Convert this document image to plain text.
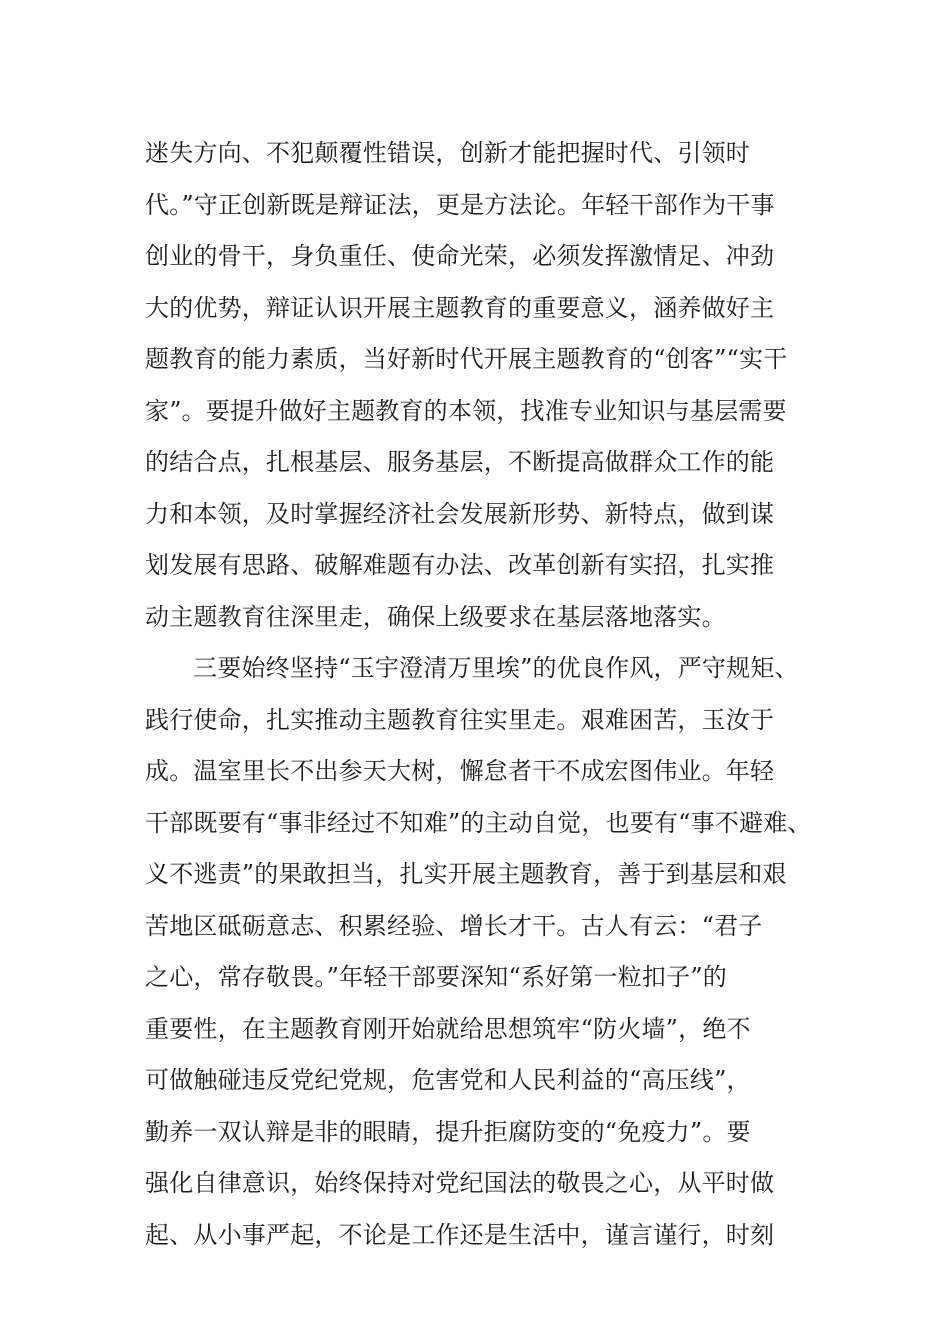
迷失方向、不犯颠覆性错误，创新才能把握时代、引领时
代。”守正创新既是辩证法，更是方法论。年轻干部作为干事
创业的骨干，身负重任、使命光荣，必须发挥激情足、冲劲
大的优势，辩证认识开展主题教育的重要意义，涵养做好主
题教育的能力素质，当好新时代开展主题教育的“创客”“实干
家”。要提升做好主题教育的本领，找准专业知识与基层需要
的结合点，扎根基层、服务基层，不断提高做群众工作的能
力和本领，及时掌握经济社会发展新形势、新特点，做到谋
划发展有思路、破解难题有办法、改革创新有实招，扎实推
动主题教育往深里走，确保上级要求在基层落地落实。
三要始终坚持“玉宇澄清万里埃”的优良作风，严守规矩、
践行使命，扎实推动主题教育往实里走。艰难困苦，玉汝于
成。温室里长不出参天大树，懈怠者干不成宏图伟业。年轻
干部既要有“事非经过不知难”的主动自觉，也要有“事不避难、
义不逃责”的果敢担当，扎实开展主题教育，善于到基层和艰
苦地区砥砺意志、积累经验、增长才干。古人有云：“君子
之心，常存敬畏。”年轻干部要深知“系好第一粒扣子”的
重要性，在主题教育刚开始就给思想筑牢“防火墙”，绝不
可做触碰违反党纪党规，危害党和人民利益的“高压线”，
勤养一双认辩是非的眼睛，提升拒腐防变的“免疫力”。要
强化自律意识，始终保持对党纪国法的敬畏之心，从平时做
起、从小事严起，不论是工作还是生活中，谨言谨行，时刻
